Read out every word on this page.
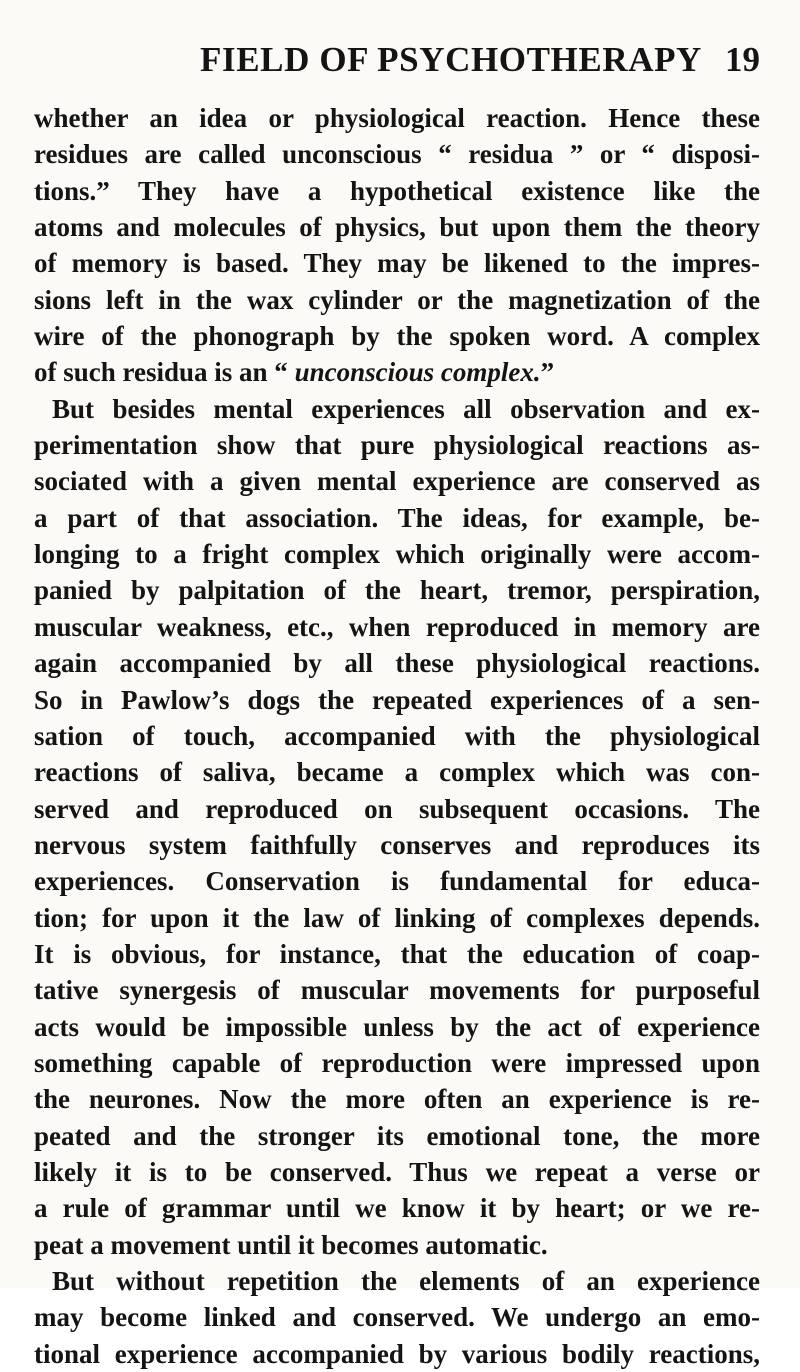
FIELD OF PSYCHOTHERAPY 19
whether an idea or physiological reaction. Hence these
residues are called unconscious “ residua ” or “ disposi-
tions.” They have a hypothetical existence like the
atoms and molecules of physics, but upon them the theory
of memory is based. They may be likened to the impres-
sions left in the wax cylinder or the magnetization of the
wire of the phonograph by the spoken word. A complex
of such residua is an “ unconscious complex.”
But besides mental experiences all observation and ex-
perimentation show that pure physiological reactions as-
sociated with a given mental experience are conserved as
a part of that association. The ideas, for example, be-
longing to a fright complex which originally were accom-
panied by palpitation of the heart, tremor, perspiration,
muscular weakness, etc., when reproduced in memory are
again accompanied by all these physiological reactions.
So in Pawlow’s dogs the repeated experiences of a sen-
sation of touch, accompanied with the physiological
reactions of saliva, became a complex which was con-
served and reproduced on subsequent occasions. The
nervous system faithfully conserves and reproduces its
experiences. Conservation is fundamental for educa-
tion; for upon it the law of linking of complexes depends.
It is obvious, for instance, that the education of coap-
tative synergesis of muscular movements for purposeful
acts would be impossible unless by the act of experience
something capable of reproduction were impressed upon
the neurones. Now the more often an experience is re-
peated and the stronger its emotional tone, the more
likely it is to be conserved. Thus we repeat a verse or
a rule of grammar until we know it by heart; or we re-
peat a movement until it becomes automatic.
But without repetition the elements of an experience
may become linked and conserved. We undergo an emo-
tional experience accompanied by various bodily reactions,
